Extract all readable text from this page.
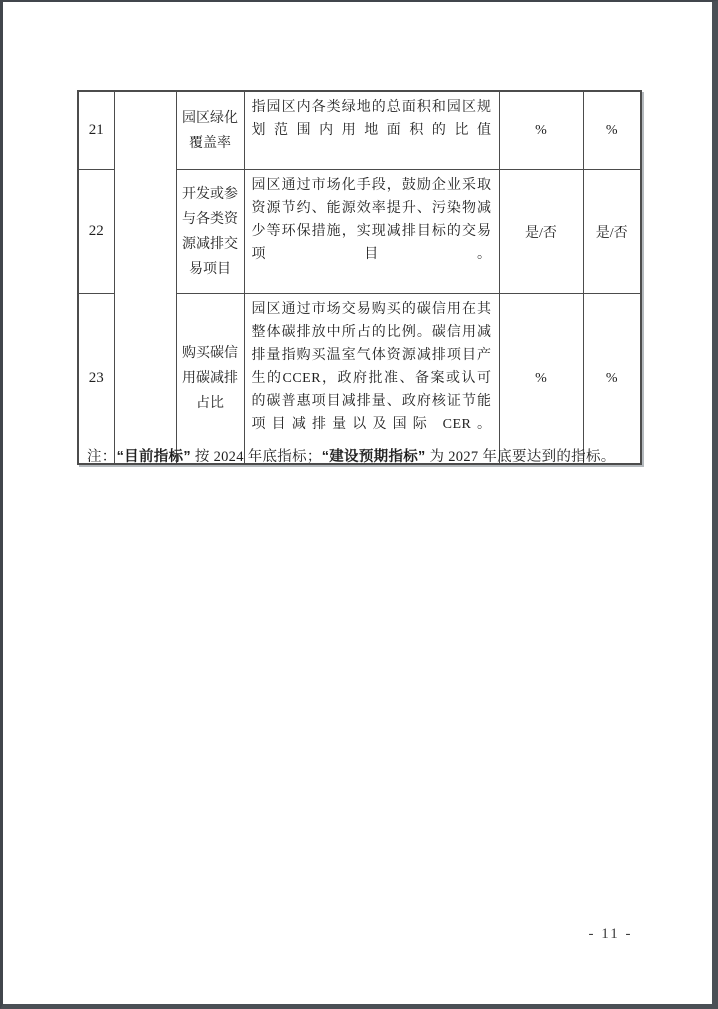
21		园区绿化覆盖率	指园区内各类绿地的总面积和园区规划范围内用地面积的比值	%	%
22		开发或参与各类资源减排交易项目	园区通过市场化手段，鼓励企业采取资源节约、能源效率提升、污染物减少等环保措施，实现减排目标的交易项目。	是/否	是/否
23		购买碳信用碳减排占比	园区通过市场交易购买的碳信用在其整体碳排放中所占的比例。碳信用减排量指购买温室气体资源减排项目产生的CCER，政府批准、备案或认可的碳普惠项目减排量、政府核证节能项目减排量以及国际 CER。	%	%
注：“目前指标” 按 2024 年底指标；“建设预期指标” 为 2027 年底要达到的指标。
- 11 -
